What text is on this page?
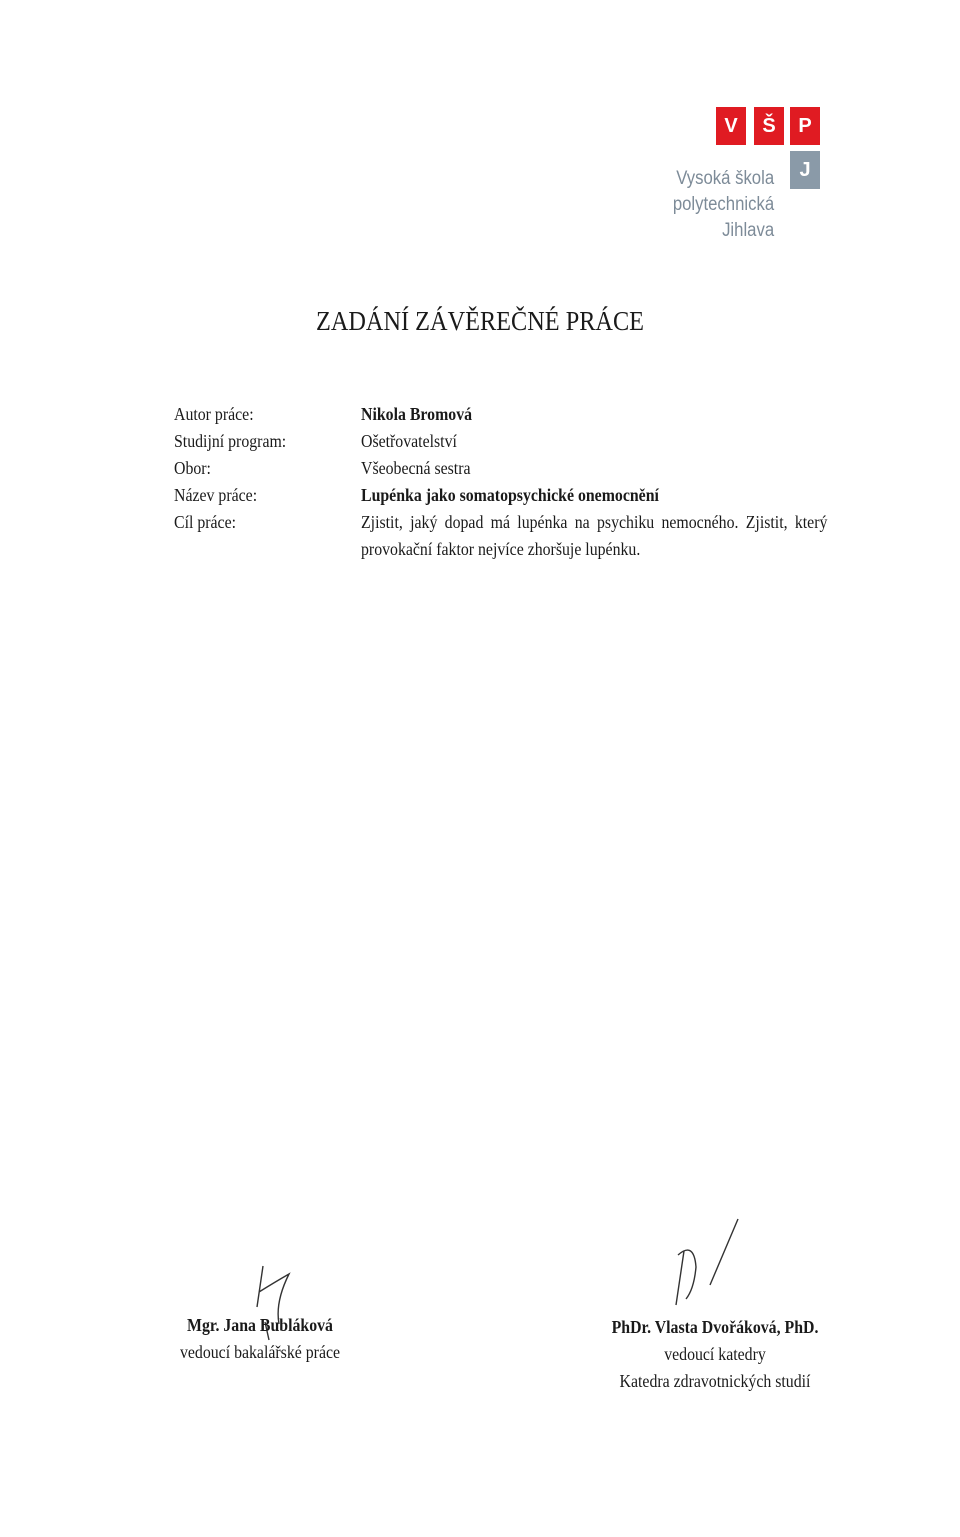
V	Š	P
J
Vysoká škola
polytechnická
Jihlava
ZADÁNÍ ZÁVĚREČNÉ PRÁCE
Autor práce:	Nikola Bromová
Studijní program:	Ošetřovatelství
Obor:	Všeobecná sestra
Název práce:	Lupénka jako somatopsychické onemocnění
Cíl práce:	Zjistit, jaký dopad má lupénka na psychiku nemocného. Zjistit, který provokační faktor nejvíce zhoršuje lupénku.
Mgr. Jana Bubláková
vedoucí bakalářské práce
PhDr. Vlasta Dvořáková, PhD.
vedoucí katedry
Katedra zdravotnických studií
